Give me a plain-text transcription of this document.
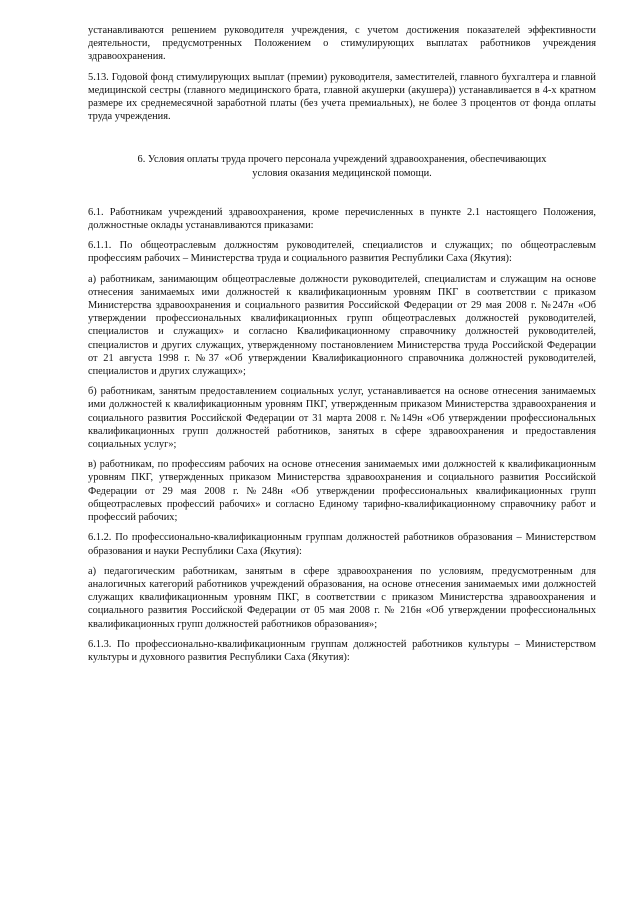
устанавливаются решением руководителя учреждения, с учетом достижения показателей эффективности деятельности, предусмотренных Положением о стимулирующих выплатах работников учреждения здравоохранения.

5.13. Годовой фонд стимулирующих выплат (премии) руководителя, заместителей, главного бухгалтера и главной медицинской сестры (главного медицинского брата, главной акушерки (акушера)) устанавливается в 4-х кратном размере их среднемесячной заработной платы (без учета премиальных), не более 3 процентов от фонда оплаты труда учреждения.

6. Условия оплаты труда прочего персонала учреждений здравоохранения, обеспечивающих условия оказания медицинской помощи.

6.1. Работникам учреждений здравоохранения, кроме перечисленных в пункте 2.1 настоящего Положения, должностные оклады устанавливаются приказами:

6.1.1. По общеотраслевым должностям руководителей, специалистов и служащих; по общеотраслевым профессиям рабочих – Министерства труда и социального развития Республики Саха (Якутия):

а) работникам, занимающим общеотраслевые должности руководителей, специалистам и служащим на основе отнесения занимаемых ими должностей к квалификационным уровням ПКГ в соответствии с приказом Министерства здравоохранения и социального развития Российской Федерации от 29 мая 2008 г. №247н «Об утверждении профессиональных квалификационных групп общеотраслевых должностей руководителей, специалистов и служащих» и согласно Квалификационному справочнику должностей руководителей, специалистов и других служащих, утвержденному постановлением Министерства труда Российской Федерации от 21 августа 1998 г. №37 «Об утверждении Квалификационного справочника должностей руководителей, специалистов и других служащих»;

б) работникам, занятым предоставлением социальных услуг, устанавливается на основе отнесения занимаемых ими должностей к квалификационным уровням ПКГ, утвержденным приказом Министерства здравоохранения и социального развития Российской Федерации от 31 марта 2008 г. №149н «Об утверждении профессиональных квалификационных групп должностей работников, занятых в сфере здравоохранения и предоставления социальных услуг»;

в) работникам, по профессиям рабочих на основе отнесения занимаемых ими должностей к квалификационным уровням ПКГ, утвержденных приказом Министерства здравоохранения и социального развития Российской Федерации от 29 мая 2008 г. №248н «Об утверждении профессиональных квалификационных групп общеотраслевых профессий рабочих» и согласно Единому тарифно-квалификационному справочнику работ и профессий рабочих;

6.1.2. По профессионально-квалификационным группам должностей работников образования – Министерством образования и науки Республики Саха (Якутия):

а) педагогическим работникам, занятым в сфере здравоохранения по условиям, предусмотренным для аналогичных категорий работников учреждений образования, на основе отнесения занимаемых ими должностей служащих квалификационным уровням ПКГ, в соответствии с приказом Министерства здравоохранения и социального развития Российской Федерации от 05 мая 2008 г. № 216н «Об утверждении профессиональных квалификационных групп должностей работников образования»;

6.1.3. По профессионально-квалификационным группам должностей работников культуры – Министерством культуры и духовного развития Республики Саха (Якутия):
